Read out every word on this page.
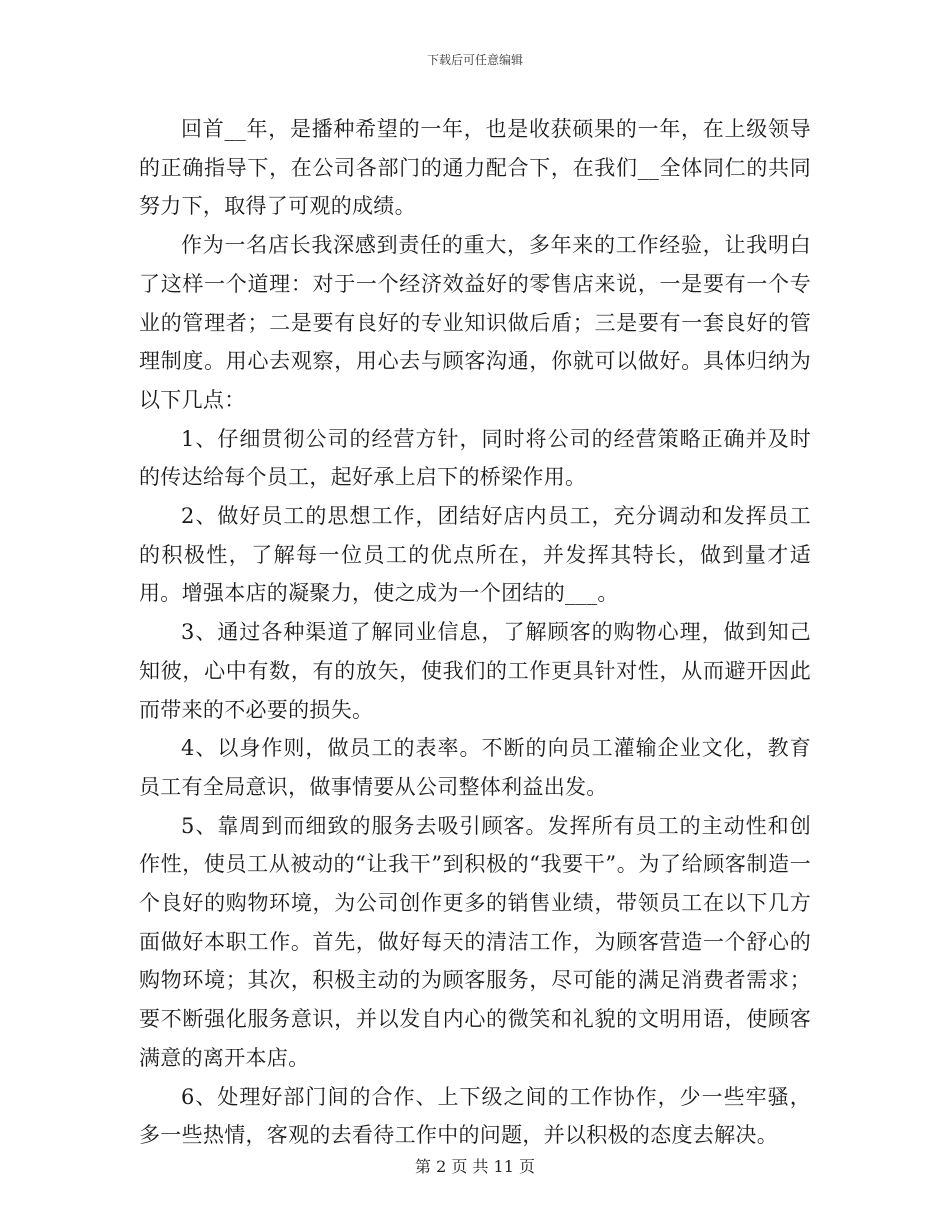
下载后可任意编辑

回首__年，是播种希望的一年，也是收获硕果的一年，在上级领导的正确指导下，在公司各部门的通力配合下，在我们__全体同仁的共同努力下，取得了可观的成绩。

作为一名店长我深感到责任的重大，多年来的工作经验，让我明白了这样一个道理：对于一个经济效益好的零售店来说，一是要有一个专业的管理者；二是要有良好的专业知识做后盾；三是要有一套良好的管理制度。用心去观察，用心去与顾客沟通，你就可以做好。具体归纳为以下几点：

1、仔细贯彻公司的经营方针，同时将公司的经营策略正确并及时的传达给每个员工，起好承上启下的桥梁作用。

2、做好员工的思想工作，团结好店内员工，充分调动和发挥员工的积极性，了解每一位员工的优点所在，并发挥其特长，做到量才适用。增强本店的凝聚力，使之成为一个团结的___。

3、通过各种渠道了解同业信息，了解顾客的购物心理，做到知己知彼，心中有数，有的放矢，使我们的工作更具针对性，从而避开因此而带来的不必要的损失。

4、以身作则，做员工的表率。不断的向员工灌输企业文化，教育员工有全局意识，做事情要从公司整体利益出发。

5、靠周到而细致的服务去吸引顾客。发挥所有员工的主动性和创作性，使员工从被动的“让我干”到积极的“我要干”。为了给顾客制造一个良好的购物环境，为公司创作更多的销售业绩，带领员工在以下几方面做好本职工作。首先，做好每天的清洁工作，为顾客营造一个舒心的购物环境；其次，积极主动的为顾客服务，尽可能的满足消费者需求；要不断强化服务意识，并以发自内心的微笑和礼貌的文明用语，使顾客满意的离开本店。

6、处理好部门间的合作、上下级之间的工作协作，少一些牢骚，多一些热情，客观的去看待工作中的问题，并以积极的态度去解决。

第 2 页 共 11 页
